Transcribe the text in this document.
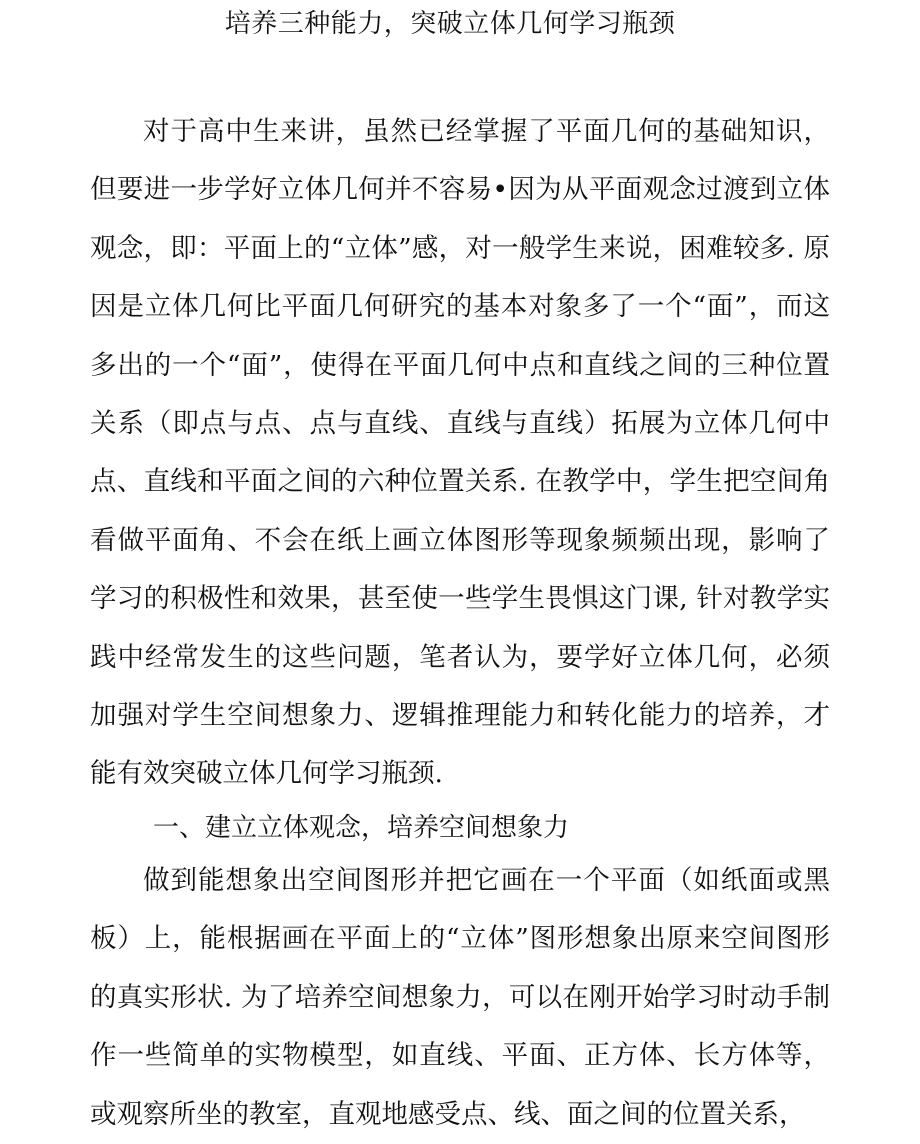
培养三种能力，突破立体几何学习瓶颈

对于高中生来讲，虽然已经掌握了平面几何的基础知识，但要进一步学好立体几何并不容易•因为从平面观念过渡到立体观念，即：平面上的“立体”感，对一般学生来说，困难较多. 原因是立体几何比平面几何研究的基本对象多了一个“面”，而这多出的一个“面”，使得在平面几何中点和直线之间的三种位置关系（即点与点、点与直线、直线与直线）拓展为立体几何中点、直线和平面之间的六种位置关系. 在教学中，学生把空间角看做平面角、不会在纸上画立体图形等现象频频出现，影响了学习的积极性和效果，甚至使一些学生畏惧这门课, 针对教学实践中经常发生的这些问题，笔者认为，要学好立体几何，必须加强对学生空间想象力、逻辑推理能力和转化能力的培养，才能有效突破立体几何学习瓶颈.

一、建立立体观念，培养空间想象力

做到能想象出空间图形并把它画在一个平面（如纸面或黑板）上，能根据画在平面上的“立体”图形想象出原来空间图形的真实形状. 为了培养空间想象力，可以在刚开始学习时动手制作一些简单的实物模型，如直线、平面、正方体、长方体等，或观察所坐的教室，直观地感受点、线、面之间的位置关系，
